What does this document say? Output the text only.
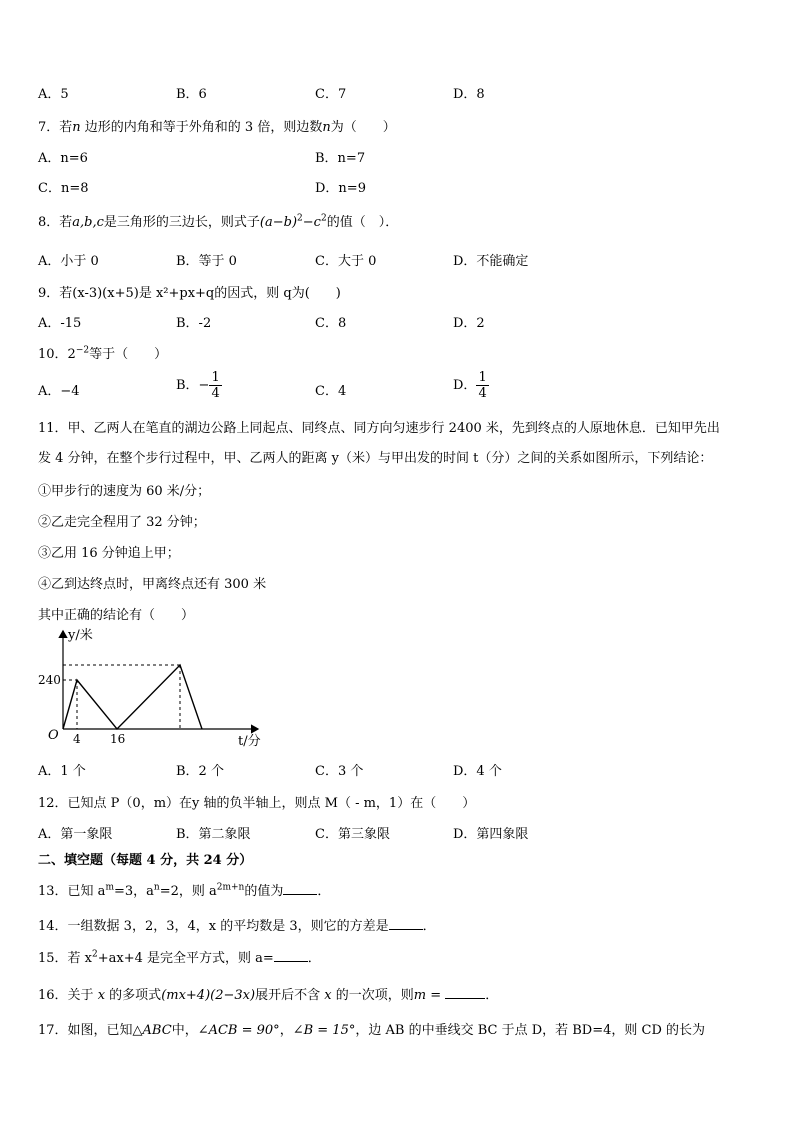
A．5	B．6	C．7	D．8
7．若n 边形的内角和等于外角和的 3 倍，则边数n为（　　）
A．n=6	B．n=7
C．n=8	D．n=9
8．若a,b,c是三角形的三边长，则式子$(a-b)^2-c^2$的值（　）．
A．小于 0	B．等于 0	C．大于 0	D．不能确定
9．若(x-3)(x+5)是 x²+px+q的因式，则 q为(　　)
A．-15	B．-2	C．8	D．2
10．$2^{-2}$等于（　　）
A．−4	B．− $\frac{1}{4}$	C．4	D． $\frac{1}{4}$
11．甲、乙两人在笔直的湖边公路上同起点、同终点、同方向匀速步行 2400 米，先到终点的人原地休息．已知甲先出
发 4 分钟，在整个步行过程中，甲、乙两人的距离 y（米）与甲出发的时间 t（分）之间的关系如图所示，下列结论：
①甲步行的速度为 60 米/分；
②乙走完全程用了 32 分钟；
③乙用 16 分钟追上甲；
④乙到达终点时，甲离终点还有 300 米
其中正确的结论有（　　）
y/米
t/分
O
240
4 16
A．1 个	B．2 个	C．3 个	D．4 个
12．已知点 P（0，m）在y 轴的负半轴上，则点 M（ - m，1）在（　　）
A．第一象限	B．第二象限	C．第三象限	D．第四象限
二、填空题（每题 4 分，共 24 分）
13．已知 $a^m=3$，$a^n=2$，则 $a^{2m+n}$的值为	．
14．一组数据 3，2，3，4，x 的平均数是 3，则它的方差是	．
15．若 $x^2+ax+4$ 是完全平方式，则 a=	．
16．关于 x 的多项式(mx+4)(2−3x)展开后不含 x 的一次项，则m =	．
17．如图，已知△ABC中，∠ACB = 90°，∠B = 15°，边 AB 的中垂线交 BC 于点 D，若 BD=4，则 CD 的长为
